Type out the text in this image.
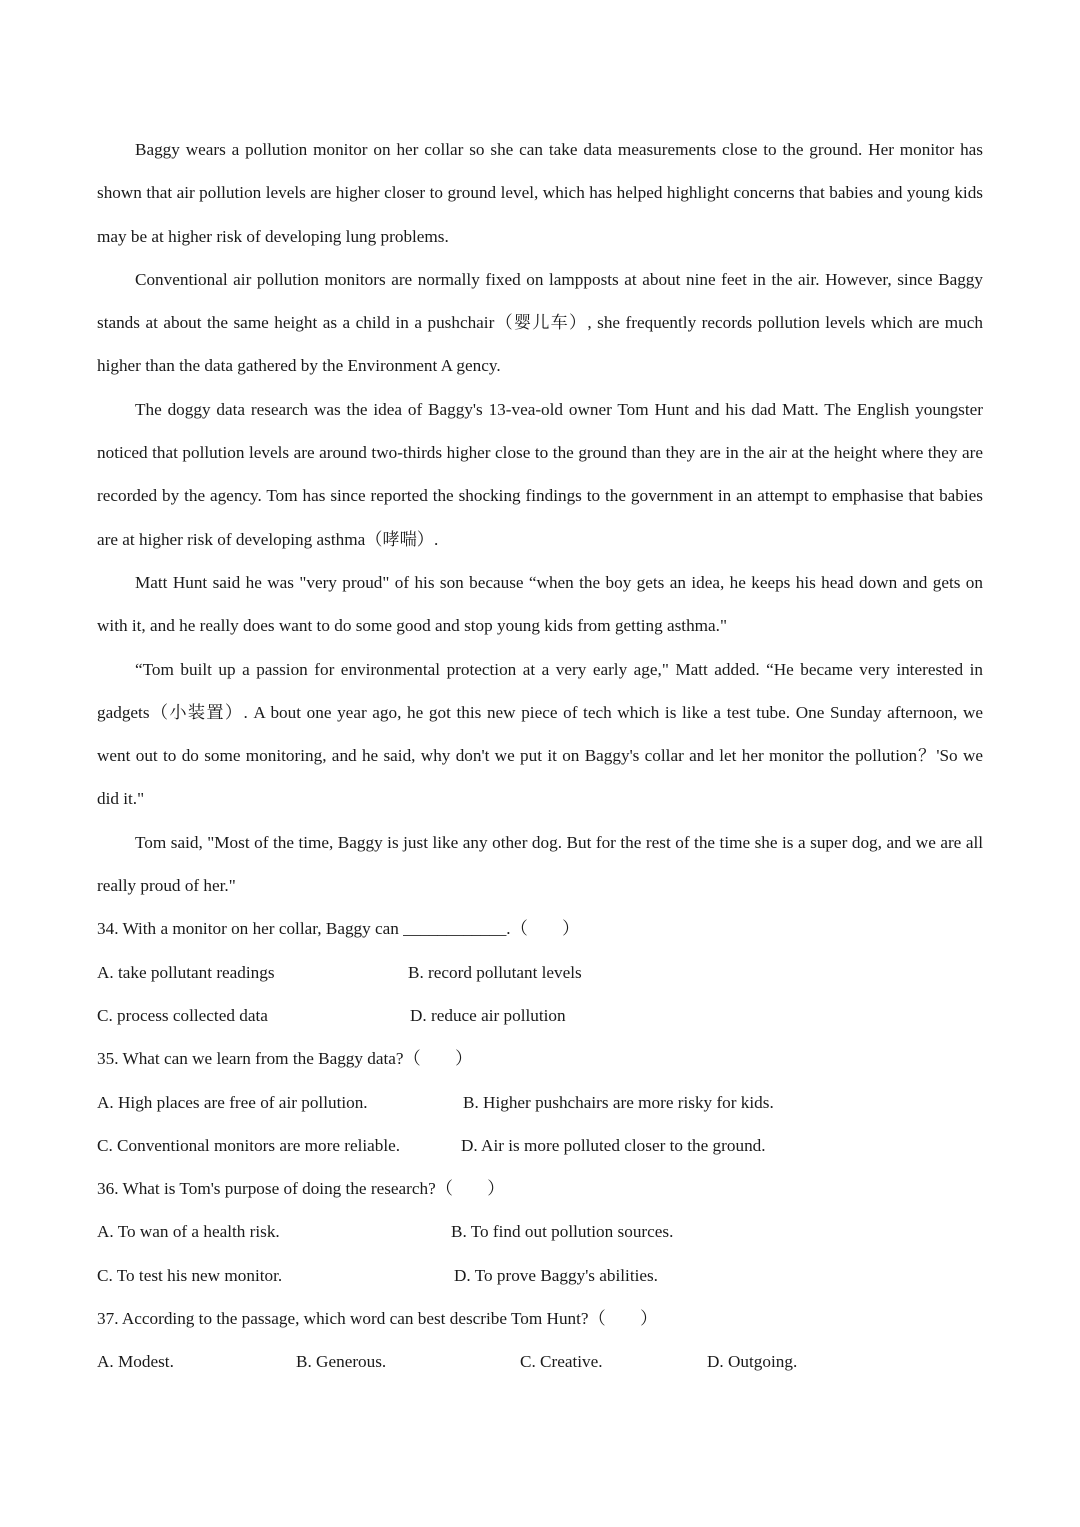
Baggy wears a pollution monitor on her collar so she can take data measurements close to the ground. Her monitor has shown that air pollution levels are higher closer to ground level, which has helped highlight concerns that babies and young kids may be at higher risk of developing lung problems.

Conventional air pollution monitors are normally fixed on lampposts at about nine feet in the air. However, since Baggy stands at about the same height as a child in a pushchair（婴儿车）, she frequently records pollution levels which are much higher than the data gathered by the Environment A gency.

The doggy data research was the idea of Baggy's 13-vea-old owner Tom Hunt and his dad Matt. The English youngster noticed that pollution levels are around two-thirds higher close to the ground than they are in the air at the height where they are recorded by the agency. Tom has since reported the shocking findings to the government in an attempt to emphasise that babies are at higher risk of developing asthma（哮喘）.

Matt Hunt said he was "very proud" of his son because “when the boy gets an idea, he keeps his head down and gets on with it, and he really does want to do some good and stop young kids from getting asthma."

“Tom built up a passion for environmental protection at a very early age," Matt added. “He became very interested in gadgets（小装置）. A bout one year ago, he got this new piece of tech which is like a test tube. One Sunday afternoon, we went out to do some monitoring, and he said, why don't we put it on Baggy's collar and let her monitor the pollution？'So we did it."

Tom said, "Most of the time, Baggy is just like any other dog. But for the rest of the time she is a super dog, and we are all really proud of her."

34. With a monitor on her collar, Baggy can ____________.（　　）
A. take pollutant readings	B. record pollutant levels
C. process collected data	D. reduce air pollution
35. What can we learn from the Baggy data?（　　）
A. High places are free of air pollution.	B. Higher pushchairs are more risky for kids.
C. Conventional monitors are more reliable.	D. Air is more polluted closer to the ground.
36. What is Tom's purpose of doing the research?（　　）
A. To wan of a health risk.	B. To find out pollution sources.
C. To test his new monitor.	D. To prove Baggy's abilities.
37. According to the passage, which word can best describe Tom Hunt?（　　）
A. Modest.	B. Generous.	C. Creative.	D. Outgoing.
